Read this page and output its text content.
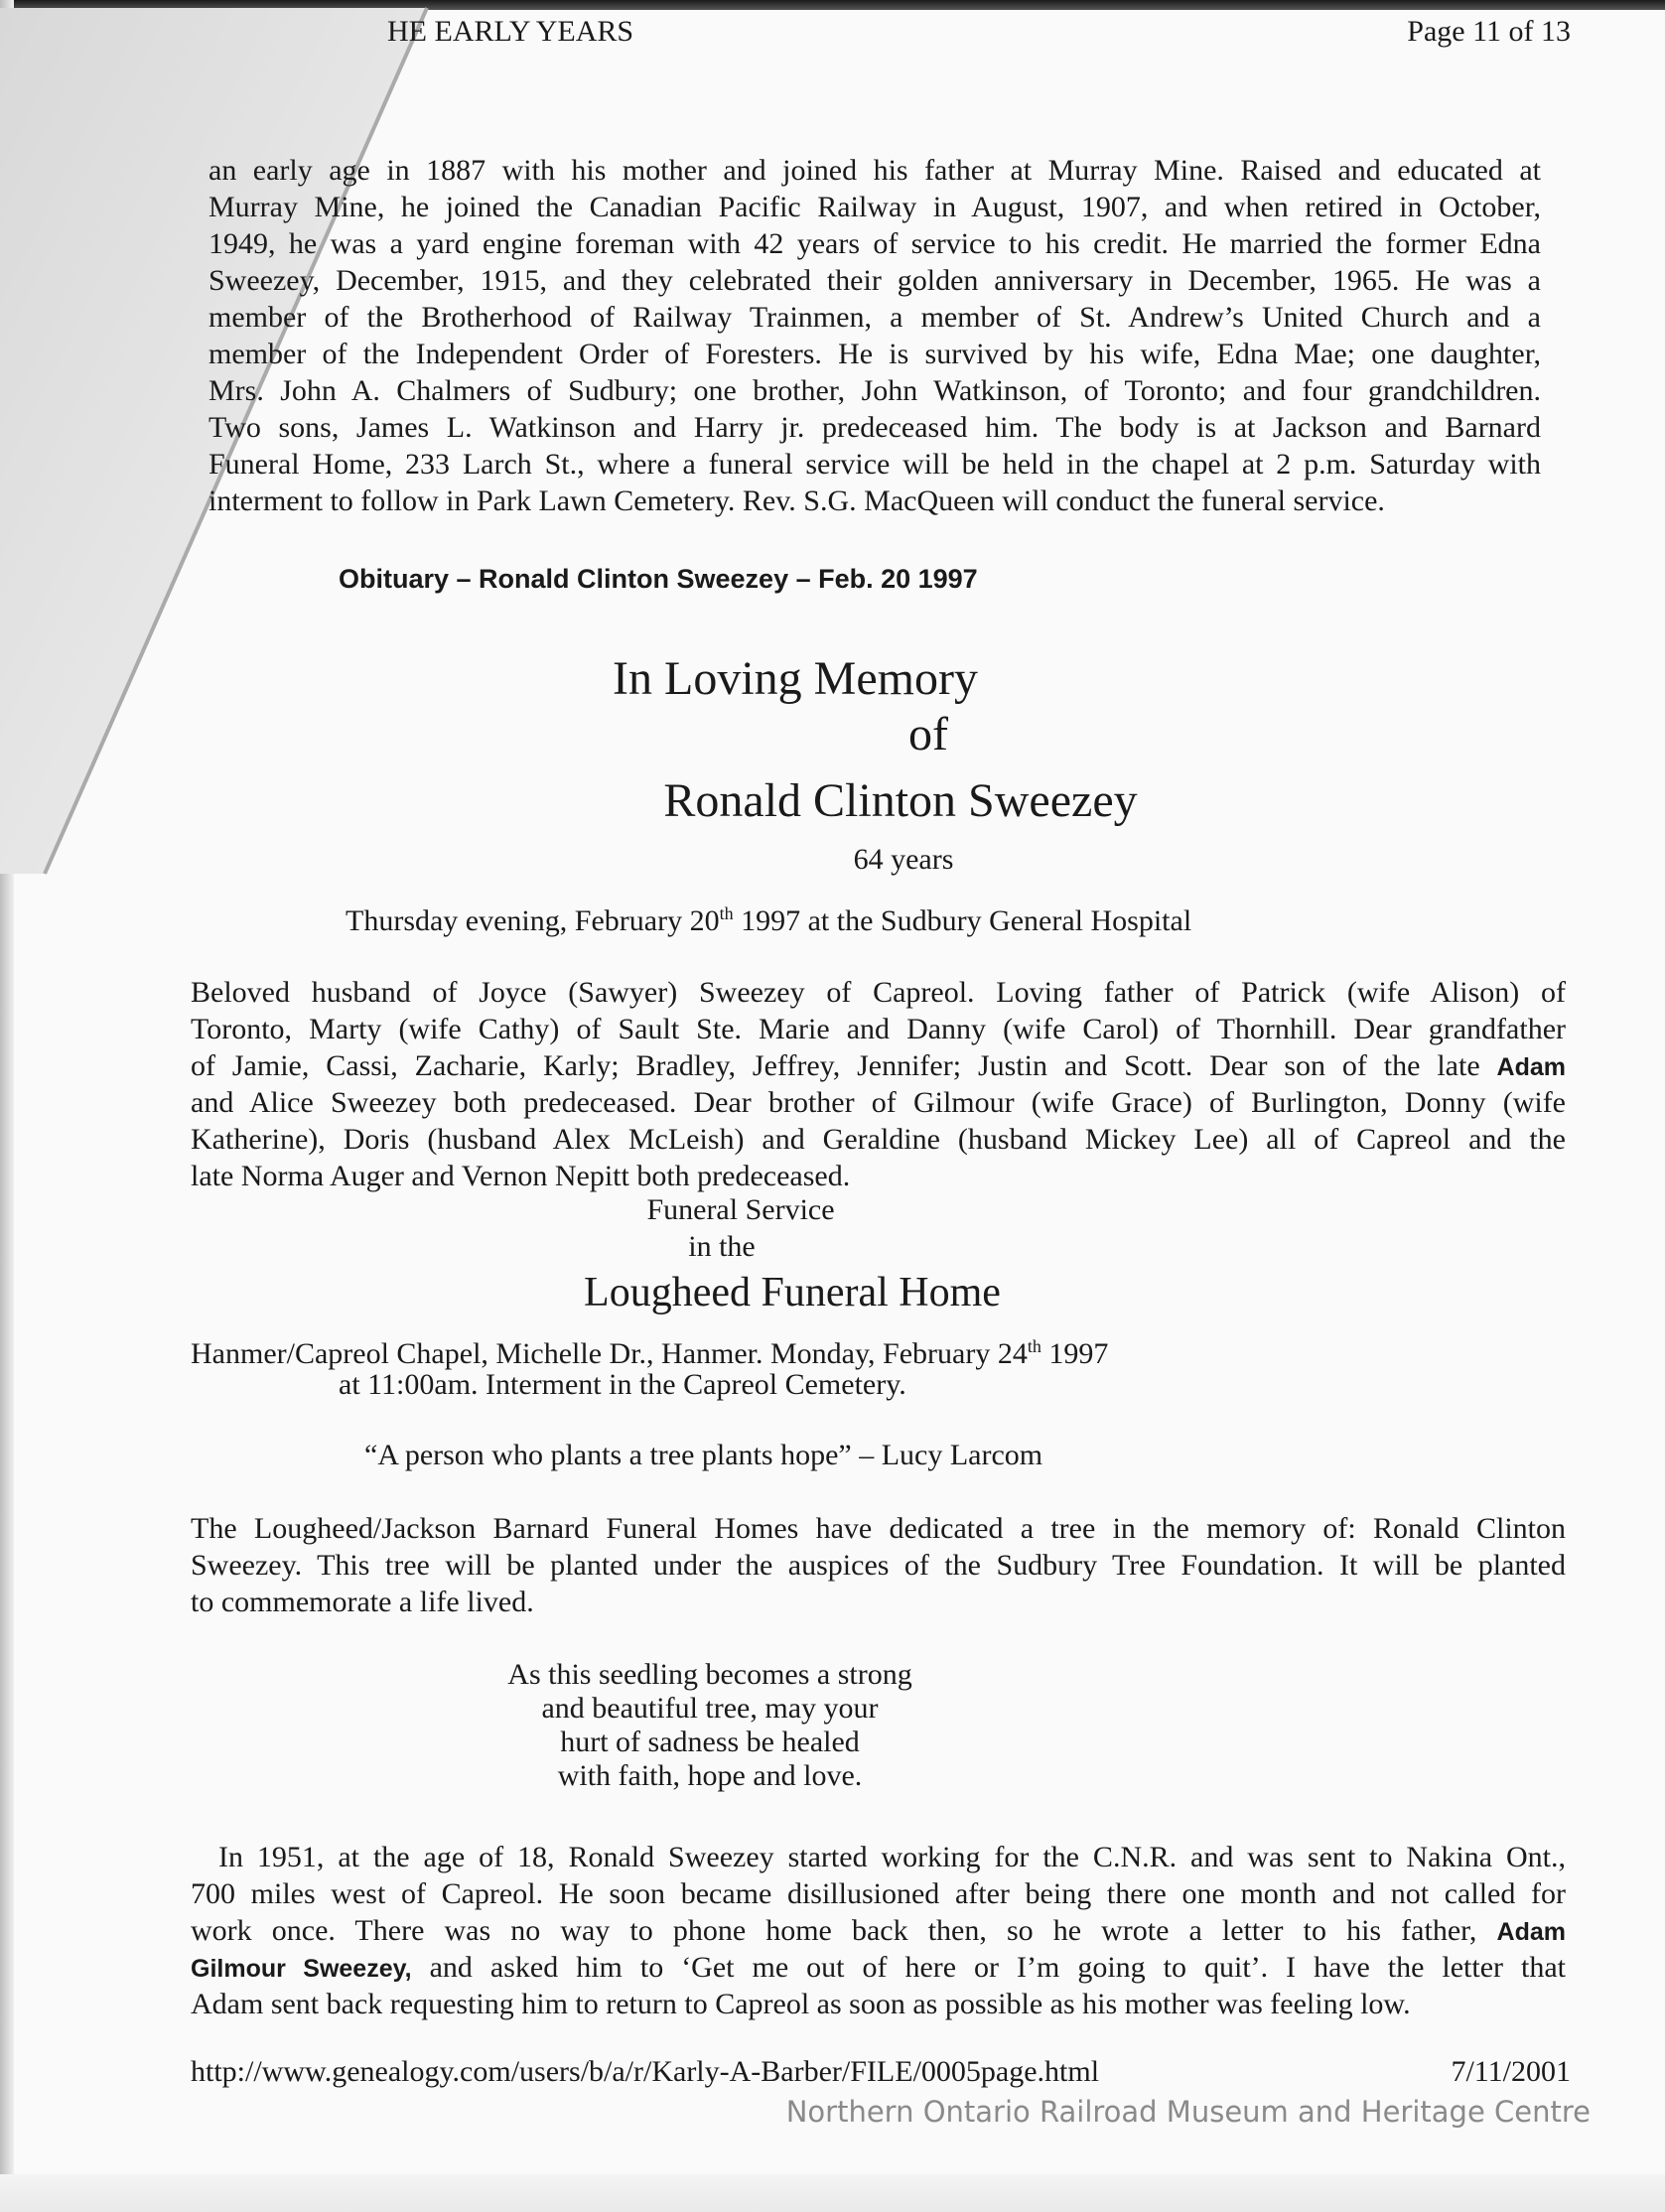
HE EARLY YEARS	Page 11 of 13
an early age in 1887 with his mother and joined his father at Murray Mine. Raised and educated at
Murray Mine, he joined the Canadian Pacific Railway in August, 1907, and when retired in October,
1949, he was a yard engine foreman with 42 years of service to his credit. He married the former Edna
Sweezey, December, 1915, and they celebrated their golden anniversary in December, 1965. He was a
member of the Brotherhood of Railway Trainmen, a member of St. Andrew’s United Church and a
member of the Independent Order of Foresters. He is survived by his wife, Edna Mae; one daughter,
Mrs. John A. Chalmers of Sudbury; one brother, John Watkinson, of Toronto; and four grandchildren.
Two sons, James L. Watkinson and Harry jr. predeceased him. The body is at Jackson and Barnard
Funeral Home, 233 Larch St., where a funeral service will be held in the chapel at 2 p.m. Saturday with
interment to follow in Park Lawn Cemetery. Rev. S.G. MacQueen will conduct the funeral service.
Obituary – Ronald Clinton Sweezey – Feb. 20 1997
In Loving Memory
of
Ronald Clinton Sweezey
64 years
Thursday evening, February 20th 1997 at the Sudbury General Hospital
Beloved husband of Joyce (Sawyer) Sweezey of Capreol. Loving father of Patrick (wife Alison) of
Toronto, Marty (wife Cathy) of Sault Ste. Marie and Danny (wife Carol) of Thornhill. Dear grandfather
of Jamie, Cassi, Zacharie, Karly; Bradley, Jeffrey, Jennifer; Justin and Scott. Dear son of the late Adam
and Alice Sweezey both predeceased. Dear brother of Gilmour (wife Grace) of Burlington, Donny (wife
Katherine), Doris (husband Alex McLeish) and Geraldine (husband Mickey Lee) all of Capreol and the
late Norma Auger and Vernon Nepitt both predeceased.
Funeral Service
in the
Lougheed Funeral Home
Hanmer/Capreol Chapel, Michelle Dr., Hanmer. Monday, February 24th 1997
at 11:00am. Interment in the Capreol Cemetery.
“A person who plants a tree plants hope” – Lucy Larcom
The Lougheed/Jackson Barnard Funeral Homes have dedicated a tree in the memory of: Ronald Clinton
Sweezey. This tree will be planted under the auspices of the Sudbury Tree Foundation. It will be planted
to commemorate a life lived.
As this seedling becomes a strong
and beautiful tree, may your
hurt of sadness be healed
with faith, hope and love.
In 1951, at the age of 18, Ronald Sweezey started working for the C.N.R. and was sent to Nakina Ont.,
700 miles west of Capreol. He soon became disillusioned after being there one month and not called for
work once. There was no way to phone home back then, so he wrote a letter to his father, Adam
Gilmour Sweezey, and asked him to ‘Get me out of here or I’m going to quit’. I have the letter that
Adam sent back requesting him to return to Capreol as soon as possible as his mother was feeling low.
http://www.genealogy.com/users/b/a/r/Karly-A-Barber/FILE/0005page.html	7/11/2001
Northern Ontario Railroad Museum and Heritage Centre
